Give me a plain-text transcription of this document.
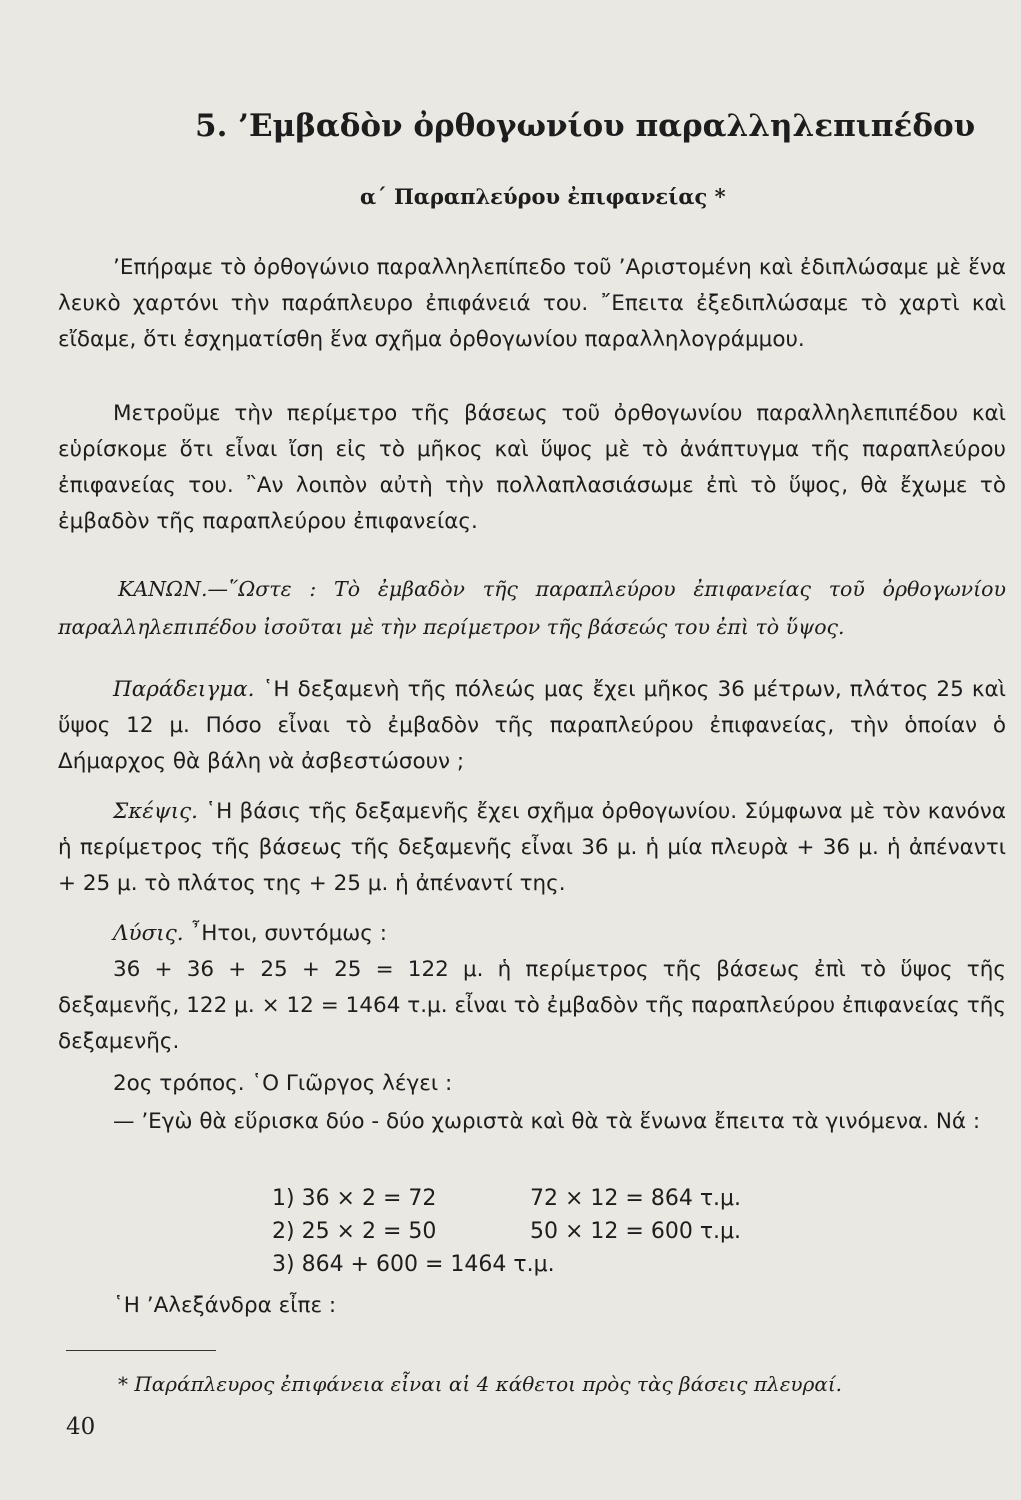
5. ’Εμβαδὸν ὀρθογωνίου παραλληλεπιπέδου
α΄ Παραπλεύρου ἐπιφανείας *

’Επήραμε τὸ ὀρθογώνιο παραλληλεπίπεδο τοῦ ’Αριστομένη καὶ ἐδιπλώσαμε μὲ ἕνα λευκὸ χαρτόνι τὴν παράπλευρο ἐπιφάνειά του. ῎Επειτα ἐξεδιπλώσαμε τὸ χαρτὶ καὶ εἴδαμε, ὅτι ἐσχηματίσθη ἕνα σχῆμα ὀρθογωνίου παραλληλογράμμου.

Μετροῦμε τὴν περίμετρο τῆς βάσεως τοῦ ὀρθογωνίου παραλληλεπιπέδου καὶ εὑρίσκομε ὅτι εἶναι ἴση εἰς τὸ μῆκος καὶ ὕψος μὲ τὸ ἀνάπτυγμα τῆς παραπλεύρου ἐπιφανείας του. ῍Αν λοιπὸν αὐτὴ τὴν πολλαπλασιάσωμε ἐπὶ τὸ ὕψος, θὰ ἔχωμε τὸ ἐμβαδὸν τῆς παραπλεύρου ἐπιφανείας.

ΚΑΝΩΝ.—῞Ωστε : Τὸ ἐμβαδὸν τῆς παραπλεύρου ἐπιφανείας τοῦ ὀρθογωνίου παραλληλεπιπέδου ἰσοῦται μὲ τὴν περίμετρον τῆς βάσεώς του ἐπὶ τὸ ὕψος.

Παράδειγμα. ῾Η δεξαμενὴ τῆς πόλεώς μας ἔχει μῆκος 36 μέτρων, πλάτος 25 καὶ ὕψος 12 μ. Πόσο εἶναι τὸ ἐμβαδὸν τῆς παραπλεύρου ἐπιφανείας, τὴν ὁποίαν ὁ Δήμαρχος θὰ βάλη νὰ ἀσβεστώσουν ;

Σκέψις. ῾Η βάσις τῆς δεξαμενῆς ἔχει σχῆμα ὀρθογωνίου. Σύμφωνα μὲ τὸν κανόνα ἡ περίμετρος τῆς βάσεως τῆς δεξαμενῆς εἶναι 36 μ. ἡ μία πλευρὰ + 36 μ. ἡ ἀπέναντι + 25 μ. τὸ πλάτος της + 25 μ. ἡ ἀπέναντί της.

Λύσις. ῏Ητοι, συντόμως :

36 + 36 + 25 + 25 = 122 μ. ἡ περίμετρος τῆς βάσεως ἐπὶ τὸ ὕψος τῆς δεξαμενῆς, 122 μ. × 12 = 1464 τ.μ. εἶναι τὸ ἐμβαδὸν τῆς παραπλεύρου ἐπιφανείας τῆς δεξαμενῆς.

2ος τρόπος. ῾Ο Γιῶργος λέγει :

— ’Εγὼ θὰ εὕρισκα δύο - δύο χωριστὰ καὶ θὰ τὰ ἕνωνα ἔπειτα τὰ γινόμενα. Νά :

1) 36 × 2 = 72	72 × 12 = 864 τ.μ.
2) 25 × 2 = 50	50 × 12 = 600 τ.μ.
3) 864 + 600 = 1464 τ.μ.

῾Η ’Αλεξάνδρα εἶπε :

* Παράπλευρος ἐπιφάνεια εἶναι αἱ 4 κάθετοι πρὸς τὰς βάσεις πλευραί.
40
